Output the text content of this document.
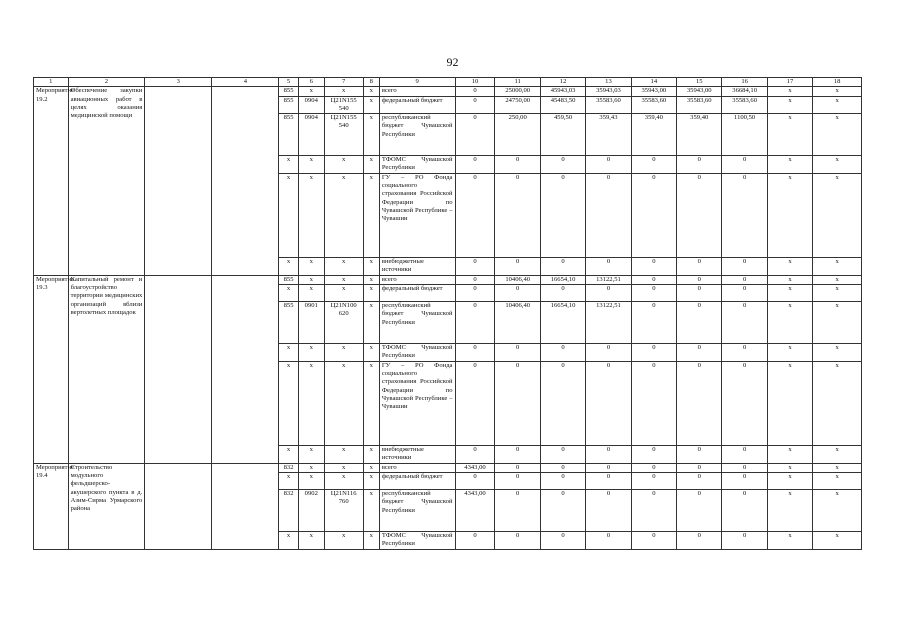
92
1	2	3	4	5	6	7	8	9	10	11	12	13	14	15	16	17	18
Мероприятие 19.2	Обеспечение закупки авиационных работ в целях оказания медицинской помощи			855	х	х	х	всего	0	25000,00	45943,03	35943,03	35943,00	35943,00	36684,10	х	х
				855	0904	Ц21N155 540	х	федеральный бюджет	0	24750,00	45483,50	35583,60	35583,60	35583,60	35583,60	х	х
				855	0904	Ц21N155 540	х	республиканский бюджет Чувашской Республики	0	250,00	459,50	359,43	359,40	359,40	1100,50	х	х
				х	х	х	х	ТФОМС Чувашской Республики	0	0	0	0	0	0	0	х	х
				х	х	х	х	ГУ – РО Фонда социального страхования Российской Федерации по Чувашской Республике – Чувашии	0	0	0	0	0	0	0	х	х
				х	х	х	х	внебюджетные источники	0	0	0	0	0	0	0	х	х
Мероприятие 19.3	Капитальный ремонт и благоустройство территории медицинских организаций вблизи вертолетных площадок			855	х	х	х	всего	0	10406,40	16654,10	13122,51	0	0	0	х	х
				х	х	х	х	федеральный бюджет	0	0	0	0	0	0	0	х	х
				855	0901	Ц21N100 620	х	республиканский бюджет Чувашской Республики	0	10406,40	16654,10	13122,51	0	0	0	х	х
				х	х	х	х	ТФОМС Чувашской Республики	0	0	0	0	0	0	0	х	х
				х	х	х	х	ГУ – РО Фонда социального страхования Российской Федерации по Чувашской Республике – Чувашии	0	0	0	0	0	0	0	х	х
				х	х	х	х	внебюджетные источники	0	0	0	0	0	0	0	х	х
Мероприятие 19.4	Строительство модульного фельдшерско-акушерского пункта в д. Азим-Сирма Урмарского района			832	х	х	х	всего	4343,00	0	0	0	0	0	0	х	х
				х	х	х	х	федеральный бюджет	0	0	0	0	0	0	0	х	х
				832	0902	Ц21N116 760	х	республиканский бюджет Чувашской Республики	4343,00	0	0	0	0	0	0	х	х
				х	х	х	х	ТФОМС Чувашской Республики	0	0	0	0	0	0	0	х	х
